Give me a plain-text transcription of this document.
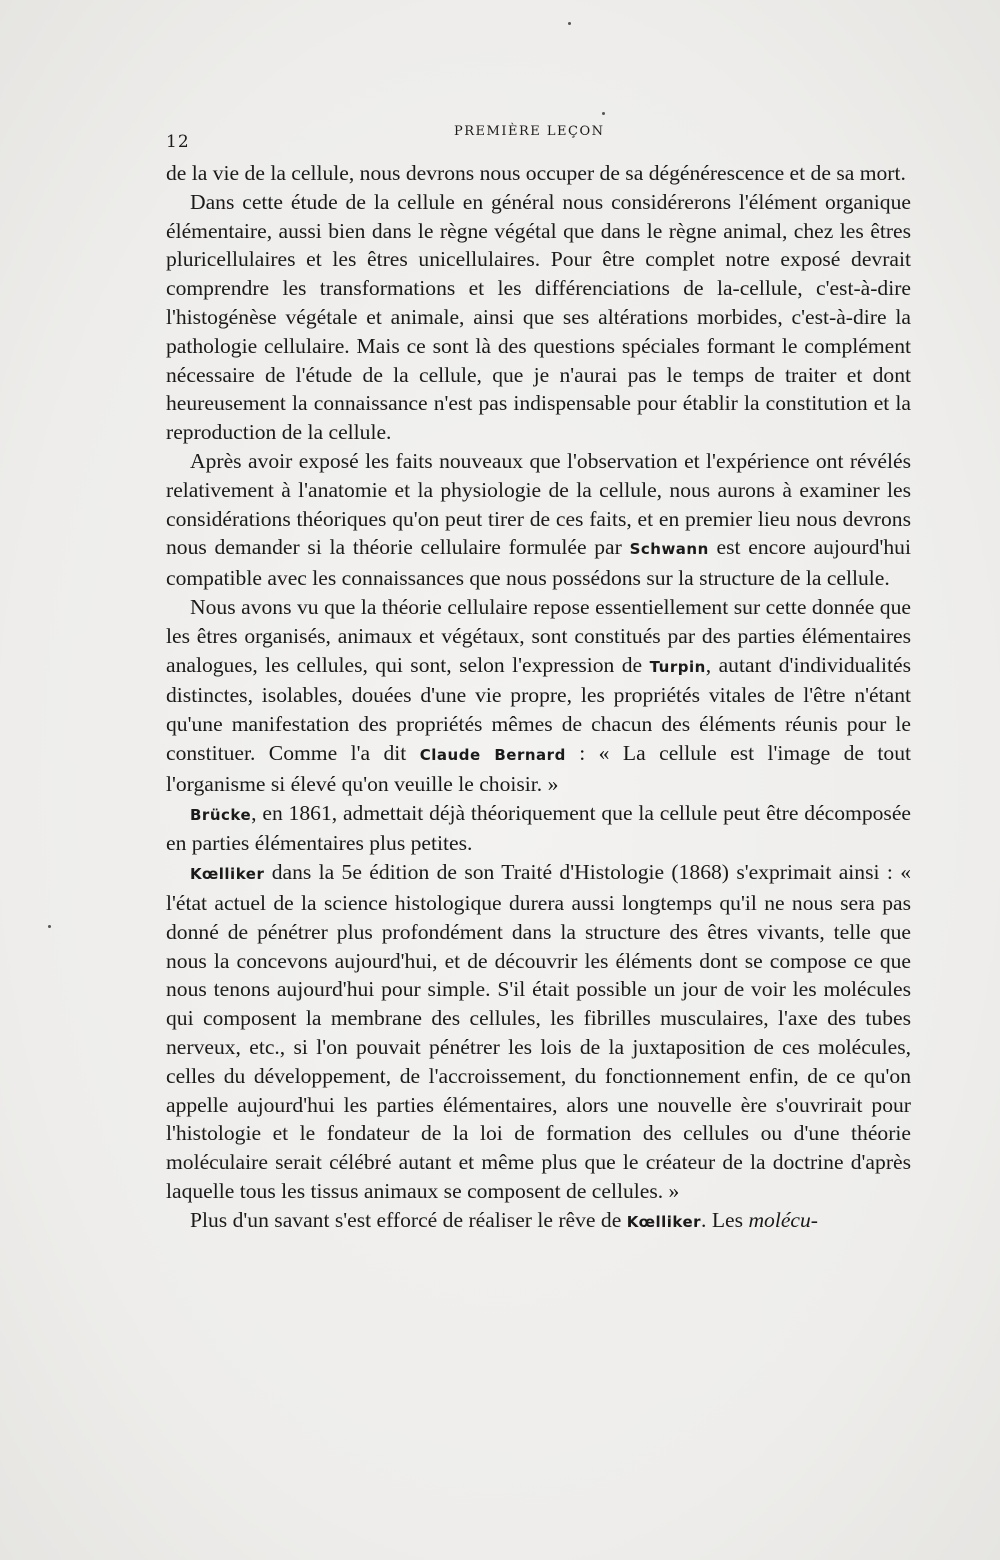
12
PREMIÈRE LEÇON

de la vie de la cellule, nous devrons nous occuper de sa dégénérescence et de sa mort.

Dans cette étude de la cellule en général nous considérerons l'élément organique élémentaire, aussi bien dans le règne végétal que dans le règne animal, chez les êtres pluricellulaires et les êtres unicellulaires. Pour être complet notre exposé devrait comprendre les transformations et les différenciations de la-cellule, c'est-à-dire l'histogénèse végétale et animale, ainsi que ses altérations morbides, c'est-à-dire la pathologie cellulaire. Mais ce sont là des questions spéciales formant le complément nécessaire de l'étude de la cellule, que je n'aurai pas le temps de traiter et dont heureusement la connaissance n'est pas indispensable pour établir la constitution et la reproduction de la cellule.

Après avoir exposé les faits nouveaux que l'observation et l'expérience ont révélés relativement à l'anatomie et la physiologie de la cellule, nous aurons à examiner les considérations théoriques qu'on peut tirer de ces faits, et en premier lieu nous devrons nous demander si la théorie cellulaire formulée par Schwann est encore aujourd'hui compatible avec les connaissances que nous possédons sur la structure de la cellule.

Nous avons vu que la théorie cellulaire repose essentiellement sur cette donnée que les êtres organisés, animaux et végétaux, sont constitués par des parties élémentaires analogues, les cellules, qui sont, selon l'expression de Turpin, autant d'individualités distinctes, isolables, douées d'une vie propre, les propriétés vitales de l'être n'étant qu'une manifestation des propriétés mêmes de chacun des éléments réunis pour le constituer. Comme l'a dit Claude Bernard : « La cellule est l'image de tout l'organisme si élevé qu'on veuille le choisir. »

Brücke, en 1861, admettait déjà théoriquement que la cellule peut être décomposée en parties élémentaires plus petites.

Kœlliker dans la 5e édition de son Traité d'Histologie (1868) s'exprimait ainsi : « l'état actuel de la science histologique durera aussi longtemps qu'il ne nous sera pas donné de pénétrer plus profondément dans la structure des êtres vivants, telle que nous la concevons aujourd'hui, et de découvrir les éléments dont se compose ce que nous tenons aujourd'hui pour simple. S'il était possible un jour de voir les molécules qui composent la membrane des cellules, les fibrilles musculaires, l'axe des tubes nerveux, etc., si l'on pouvait pénétrer les lois de la juxtaposition de ces molécules, celles du développement, de l'accroissement, du fonctionnement enfin, de ce qu'on appelle aujourd'hui les parties élémentaires, alors une nouvelle ère s'ouvrirait pour l'histologie et le fondateur de la loi de formation des cellules ou d'une théorie moléculaire serait célébré autant et même plus que le créateur de la doctrine d'après laquelle tous les tissus animaux se composent de cellules. »

Plus d'un savant s'est efforcé de réaliser le rêve de Kœlliker. Les molécu-
